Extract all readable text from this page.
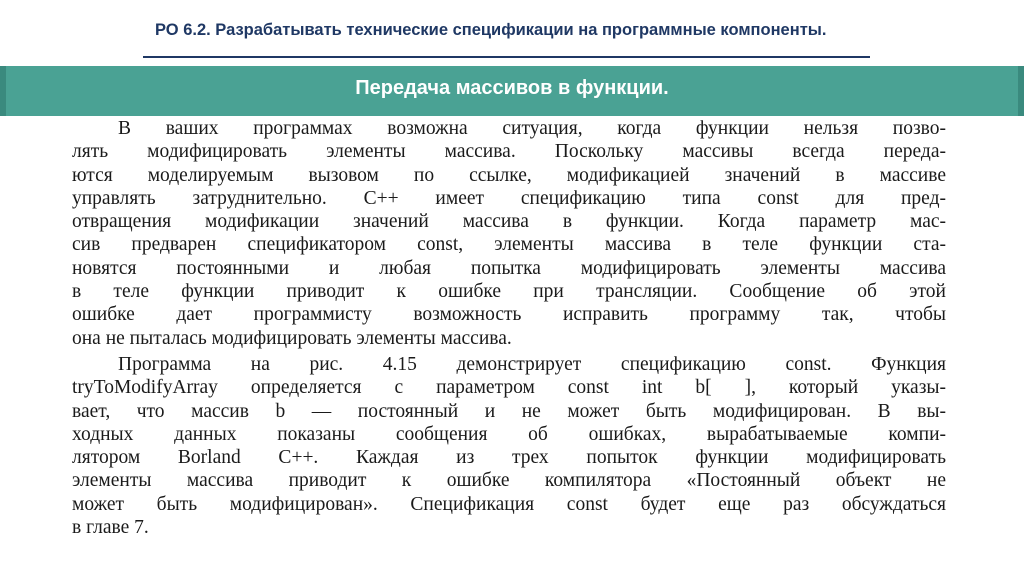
РО 6.2. Разрабатывать технические спецификации на программные компоненты.
Передача массивов в функции.
В ваших программах возможна ситуация, когда функции нельзя позво-
лять модифицировать элементы массива. Поскольку массивы всегда переда-
ются моделируемым вызовом по ссылке, модификацией значений в массиве
управлять затруднительно. C++ имеет спецификацию типа const для пред-
отвращения модификации значений массива в функции. Когда параметр мас-
сив предварен спецификатором const, элементы массива в теле функции ста-
новятся постоянными и любая попытка модифицировать элементы массива
в теле функции приводит к ошибке при трансляции. Сообщение об этой
ошибке дает программисту возможность исправить программу так, чтобы
она не пыталась модифицировать элементы массива.
Программа на рис. 4.15 демонстрирует спецификацию const. Функция
tryToModifyArray определяется с параметром const int b[ ], который указы-
вает, что массив b — постоянный и не может быть модифицирован. В вы-
ходных данных показаны сообщения об ошибках, вырабатываемые компи-
лятором Borland C++. Каждая из трех попыток функции модифицировать
элементы массива приводит к ошибке компилятора «Постоянный объект не
может быть модифицирован». Спецификация const будет еще раз обсуждаться
в главе 7.
